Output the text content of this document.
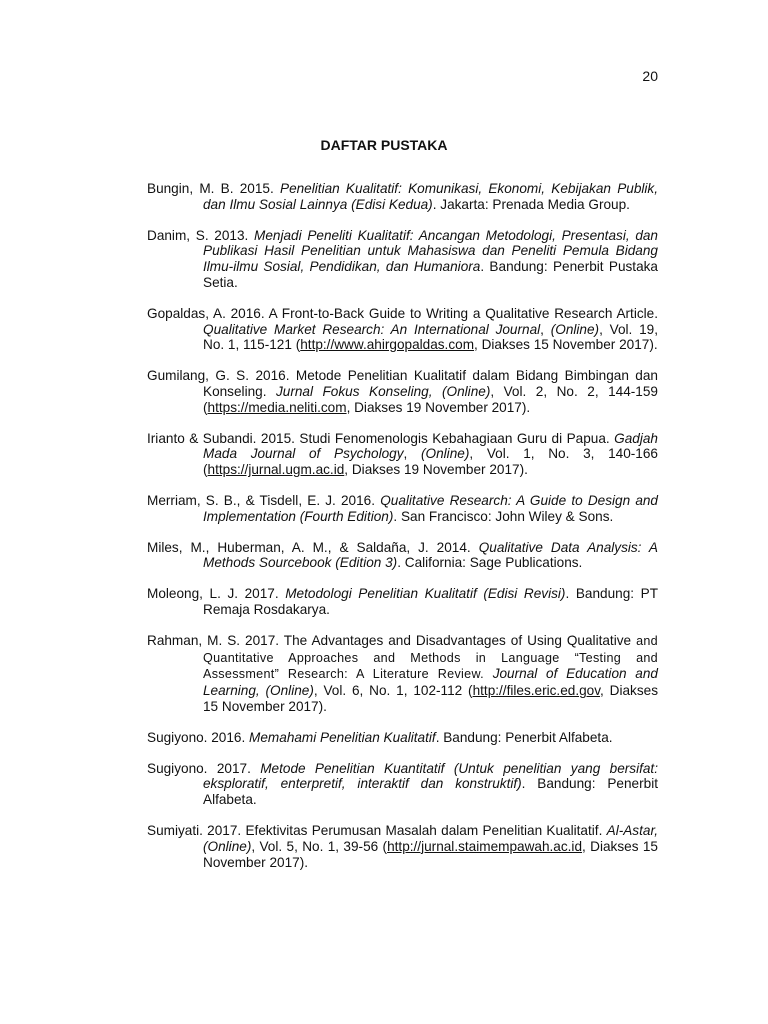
20
DAFTAR PUSTAKA

Bungin, M. B. 2015. Penelitian Kualitatif: Komunikasi, Ekonomi, Kebijakan Publik, dan Ilmu Sosial Lainnya (Edisi Kedua). Jakarta: Prenada Media Group.

Danim, S. 2013. Menjadi Peneliti Kualitatif: Ancangan Metodologi, Presentasi, dan Publikasi Hasil Penelitian untuk Mahasiswa dan Peneliti Pemula Bidang Ilmu-ilmu Sosial, Pendidikan, dan Humaniora. Bandung: Penerbit Pustaka Setia.

Gopaldas, A. 2016. A Front-to-Back Guide to Writing a Qualitative Research Article. Qualitative Market Research: An International Journal, (Online), Vol. 19, No. 1, 115-121 (http://www.ahirgopaldas.com, Diakses 15 November 2017).

Gumilang, G. S. 2016. Metode Penelitian Kualitatif dalam Bidang Bimbingan dan Konseling. Jurnal Fokus Konseling, (Online), Vol. 2, No. 2, 144-159 (https://media.neliti.com, Diakses 19 November 2017).

Irianto & Subandi. 2015. Studi Fenomenologis Kebahagiaan Guru di Papua. Gadjah Mada Journal of Psychology, (Online), Vol. 1, No. 3, 140-166 (https://jurnal.ugm.ac.id, Diakses 19 November 2017).

Merriam, S. B., & Tisdell, E. J. 2016. Qualitative Research: A Guide to Design and Implementation (Fourth Edition). San Francisco: John Wiley & Sons.

Miles, M., Huberman, A. M., & Saldaña, J. 2014. Qualitative Data Analysis: A Methods Sourcebook (Edition 3). California: Sage Publications.

Moleong, L. J. 2017. Metodologi Penelitian Kualitatif (Edisi Revisi). Bandung: PT Remaja Rosdakarya.

Rahman, M. S. 2017. The Advantages and Disadvantages of Using Qualitative and Quantitative Approaches and Methods in Language “Testing and Assessment” Research: A Literature Review. Journal of Education and Learning, (Online), Vol. 6, No. 1, 102-112 (http://files.eric.ed.gov, Diakses 15 November 2017).

Sugiyono. 2016. Memahami Penelitian Kualitatif. Bandung: Penerbit Alfabeta.

Sugiyono. 2017. Metode Penelitian Kuantitatif (Untuk penelitian yang bersifat: eksploratif, enterpretif, interaktif dan konstruktif). Bandung: Penerbit Alfabeta.

Sumiyati. 2017. Efektivitas Perumusan Masalah dalam Penelitian Kualitatif. Al-Astar, (Online), Vol. 5, No. 1, 39-56 (http://jurnal.staimempawah.ac.id, Diakses 15 November 2017).
